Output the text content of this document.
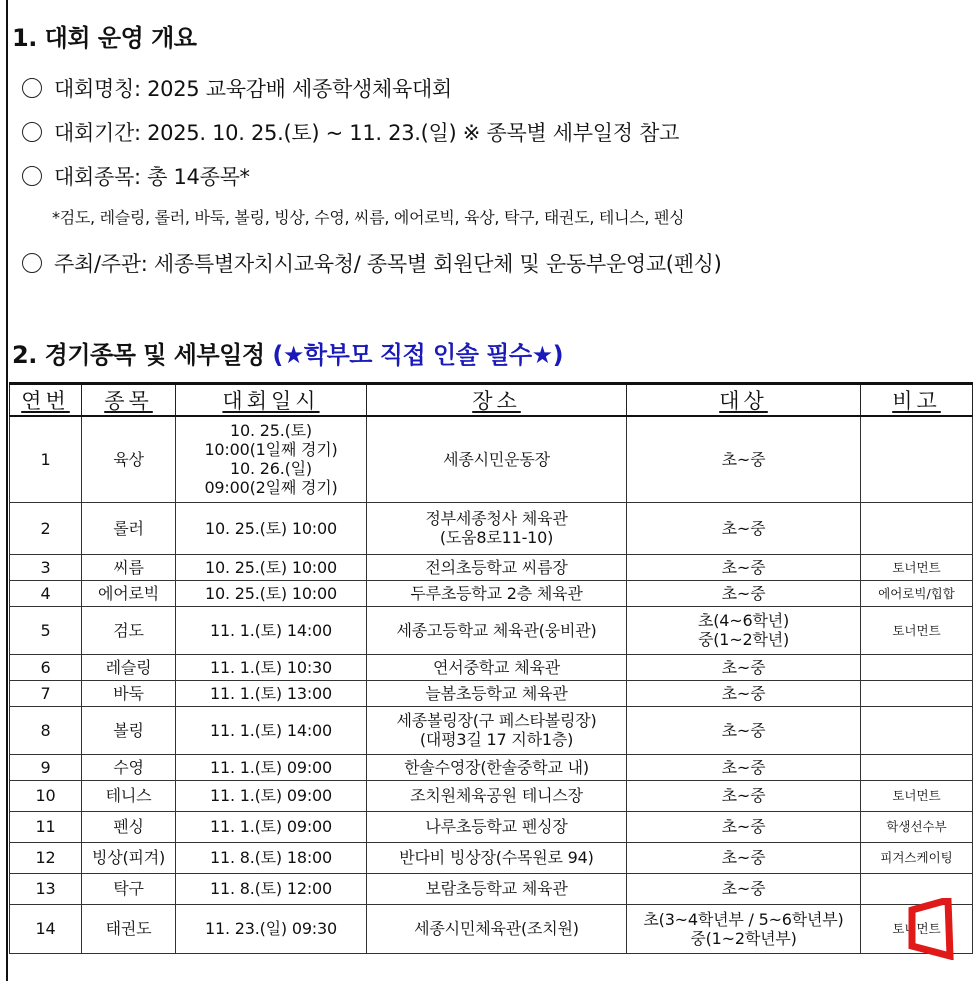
1. 대회 운영 개요
대회명칭: 2025 교육감배 세종학생체육대회
대회기간: 2025. 10. 25.(토) ~ 11. 23.(일) ※ 종목별 세부일정 참고
대회종목: 총 14종목*
*검도, 레슬링, 롤러, 바둑, 볼링, 빙상, 수영, 씨름, 에어로빅, 육상, 탁구, 태권도, 테니스, 펜싱
주최/주관: 세종특별자치시교육청/ 종목별 회원단체 및 운동부운영교(펜싱)
2. 경기종목 및 세부일정 (★학부모 직접 인솔 필수★)
연번	종목	대회일시	장소	대상	비고
1	육상	10. 25.(토)
10:00(1일째 경기)
10. 26.(일)
09:00(2일째 경기)	세종시민운동장	초~중	
2	롤러	10. 25.(토) 10:00	정부세종청사 체육관
(도움8로11-10)	초~중	
3	씨름	10. 25.(토) 10:00	전의초등학교 씨름장	초~중	토너먼트
4	에어로빅	10. 25.(토) 10:00	두루초등학교 2층 체육관	초~중	에어로빅/힙합
5	검도	11. 1.(토) 14:00	세종고등학교 체육관(웅비관)	초(4~6학년)
중(1~2학년)	토너먼트
6	레슬링	11. 1.(토) 10:30	연서중학교 체육관	초~중	
7	바둑	11. 1.(토) 13:00	늘봄초등학교 체육관	초~중	
8	볼링	11. 1.(토) 14:00	세종볼링장(구 페스타볼링장)
(대평3길 17 지하1층)	초~중	
9	수영	11. 1.(토) 09:00	한솔수영장(한솔중학교 내)	초~중	
10	테니스	11. 1.(토) 09:00	조치원체육공원 테니스장	초~중	토너먼트
11	펜싱	11. 1.(토) 09:00	나루초등학교 펜싱장	초~중	학생선수부
12	빙상(피겨)	11. 8.(토) 18:00	반다비 빙상장(수목원로 94)	초~중	피겨스케이팅
13	탁구	11. 8.(토) 12:00	보람초등학교 체육관	초~중	
14	태권도	11. 23.(일) 09:30	세종시민체육관(조치원)	초(3~4학년부 / 5~6학년부)
중(1~2학년부)	토너먼트
